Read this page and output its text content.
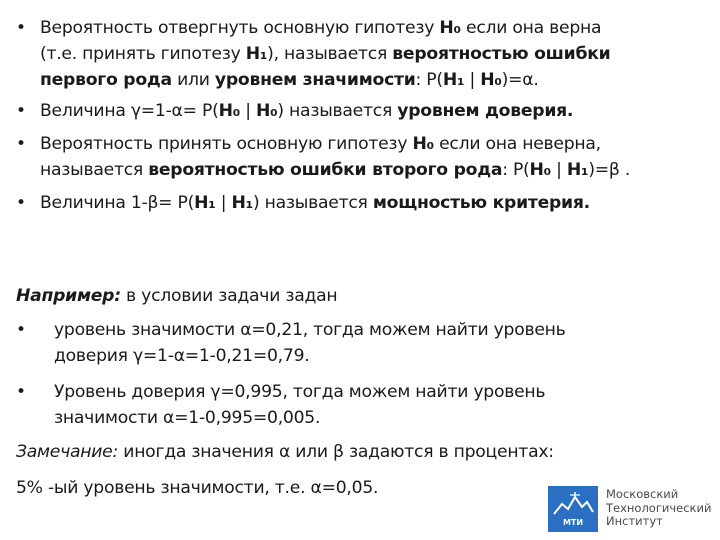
• Вероятность отвергнуть основную гипотезу H₀ если она верна
(т.е. принять гипотезу H₁), называется вероятностью ошибки
первого рода или уровнем значимости: P(H₁ | H₀)=α.
• Величина γ=1-α= P(H₀ | H₀) называется уровнем доверия.
• Вероятность принять основную гипотезу H₀ если она неверна,
называется вероятностью ошибки второго рода: P(H₀ | H₁)=β .
• Величина 1-β= P(H₁ | H₁) называется мощностью критерия.
Например: в условии задачи задан
• уровень значимости α=0,21, тогда можем найти уровень
доверия γ=1-α=1-0,21=0,79.
• Уровень доверия γ=0,995, тогда можем найти уровень
значимости α=1-0,995=0,005.
Замечание: иногда значения α или β задаются в процентах:
5% -ый уровень значимости, т.е. α=0,05.
МТИ
Московский
Технологический
Институт
